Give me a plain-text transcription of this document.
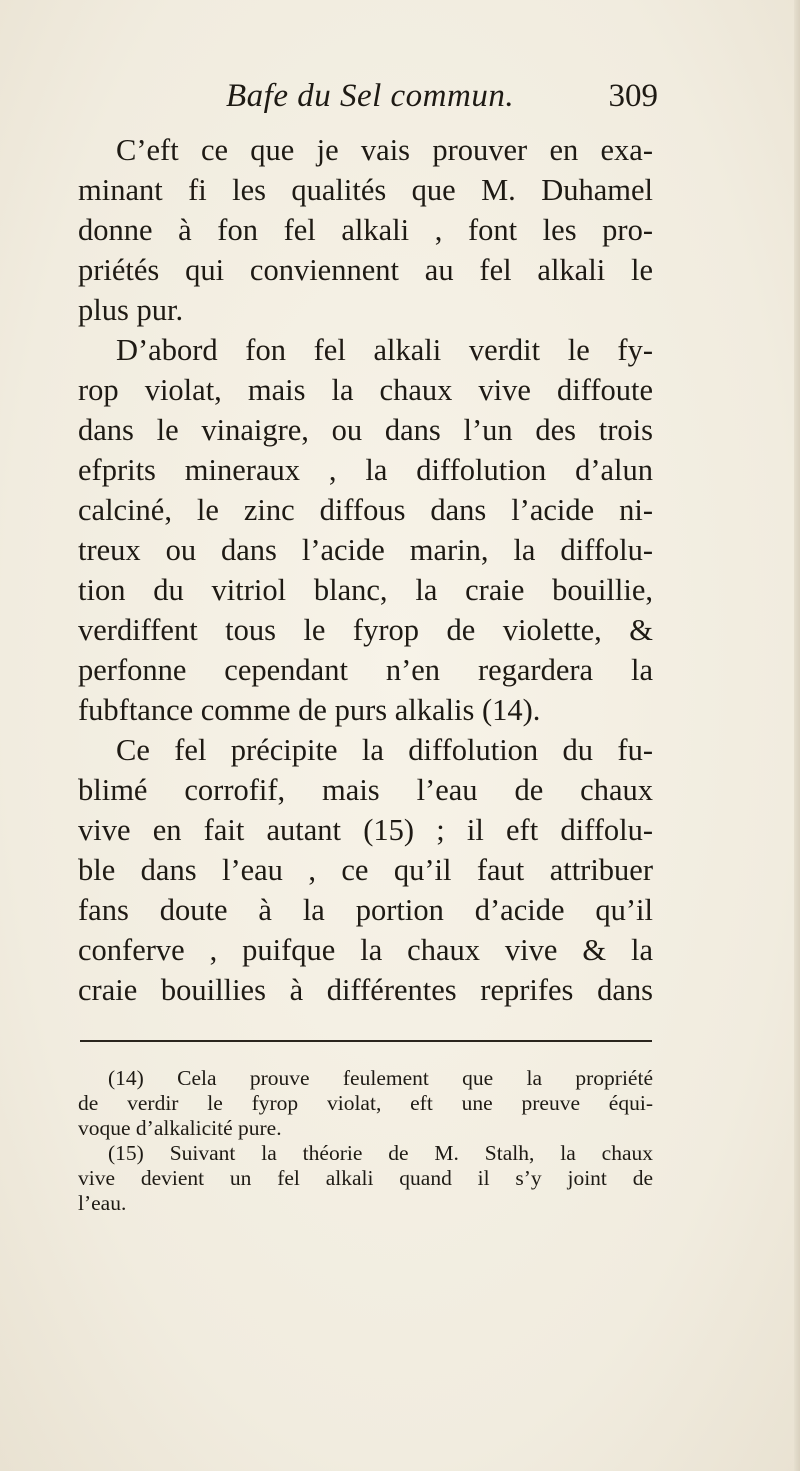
Bafe du Sel commun.	309

C’eft ce que je vais prouver en exa-
minant fi les qualités que M. Duhamel
donne à fon fel alkali , font les pro-
priétés qui conviennent au fel alkali le
plus pur.

D’abord fon fel alkali verdit le fy-
rop violat, mais la chaux vive diffoute
dans le vinaigre, ou dans l’un des trois
efprits mineraux , la diffolution d’alun
calciné, le zinc diffous dans l’acide ni-
treux ou dans l’acide marin, la diffolu-
tion du vitriol blanc, la craie bouillie,
verdiffent tous le fyrop de violette, &
perfonne cependant n’en regardera la
fubftance comme de purs alkalis (14).

Ce fel précipite la diffolution du fu-
blimé corrofif, mais l’eau de chaux
vive en fait autant (15) ; il eft diffolu-
ble dans l’eau , ce qu’il faut attribuer
fans doute à la portion d’acide qu’il
conferve , puifque la chaux vive & la
craie bouillies à différentes reprifes dans

(14) Cela prouve feulement que la propriété
de verdir le fyrop violat, eft une preuve équi-
voque d’alkalicité pure.

(15) Suivant la théorie de M. Stalh, la chaux
vive devient un fel alkali quand il s’y joint de
l’eau.
